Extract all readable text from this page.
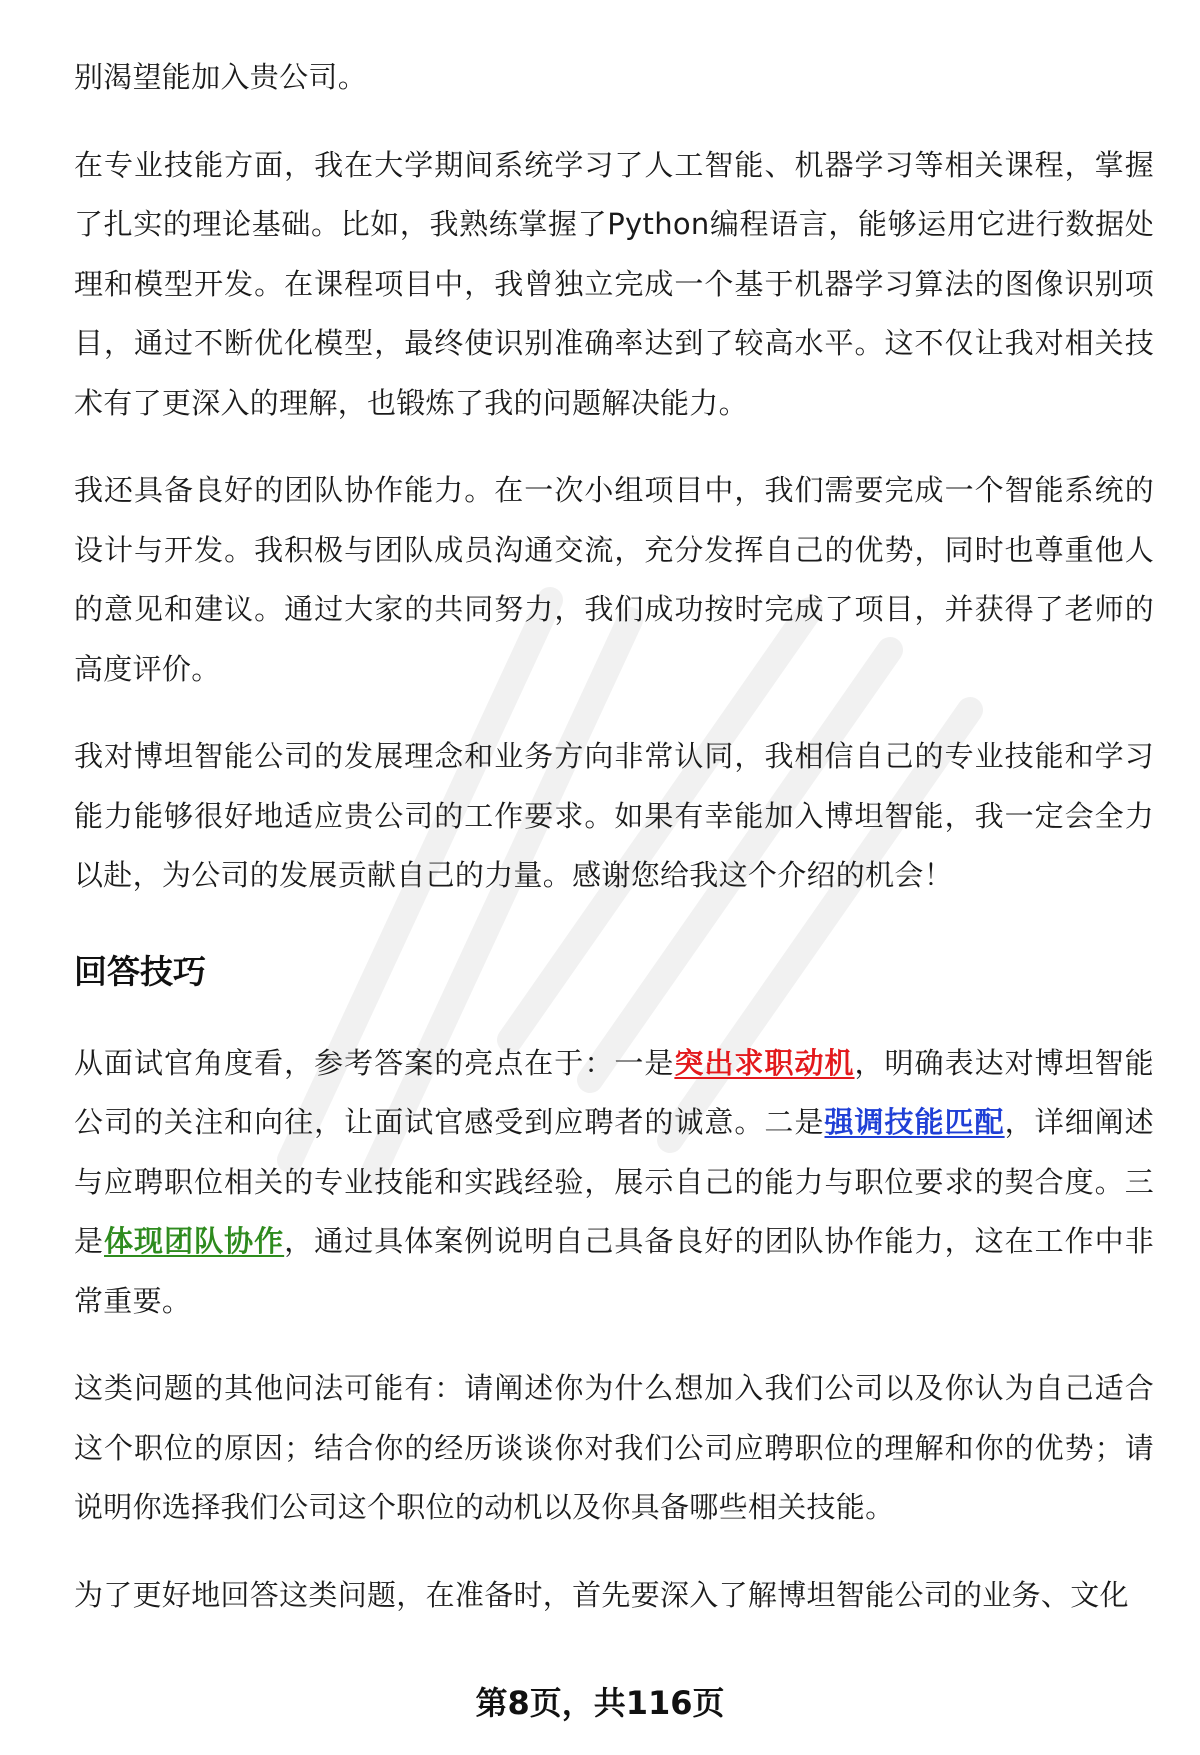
别渴望能加入贵公司。

在专业技能方面，我在大学期间系统学习了人工智能、机器学习等相关课程，掌握了扎实的理论基础。比如，我熟练掌握了Python编程语言，能够运用它进行数据处理和模型开发。在课程项目中，我曾独立完成一个基于机器学习算法的图像识别项目，通过不断优化模型，最终使识别准确率达到了较高水平。这不仅让我对相关技术有了更深入的理解，也锻炼了我的问题解决能力。

我还具备良好的团队协作能力。在一次小组项目中，我们需要完成一个智能系统的设计与开发。我积极与团队成员沟通交流，充分发挥自己的优势，同时也尊重他人的意见和建议。通过大家的共同努力，我们成功按时完成了项目，并获得了老师的高度评价。

我对博坦智能公司的发展理念和业务方向非常认同，我相信自己的专业技能和学习能力能够很好地适应贵公司的工作要求。如果有幸能加入博坦智能，我一定会全力以赴，为公司的发展贡献自己的力量。感谢您给我这个介绍的机会！

回答技巧

从面试官角度看，参考答案的亮点在于：一是突出求职动机，明确表达对博坦智能公司的关注和向往，让面试官感受到应聘者的诚意。二是强调技能匹配，详细阐述与应聘职位相关的专业技能和实践经验，展示自己的能力与职位要求的契合度。三是体现团队协作，通过具体案例说明自己具备良好的团队协作能力，这在工作中非常重要。

这类问题的其他问法可能有：请阐述你为什么想加入我们公司以及你认为自己适合这个职位的原因；结合你的经历谈谈你对我们公司应聘职位的理解和你的优势；请说明你选择我们公司这个职位的动机以及你具备哪些相关技能。

为了更好地回答这类问题，在准备时，首先要深入了解博坦智能公司的业务、文化

第8页，共116页
